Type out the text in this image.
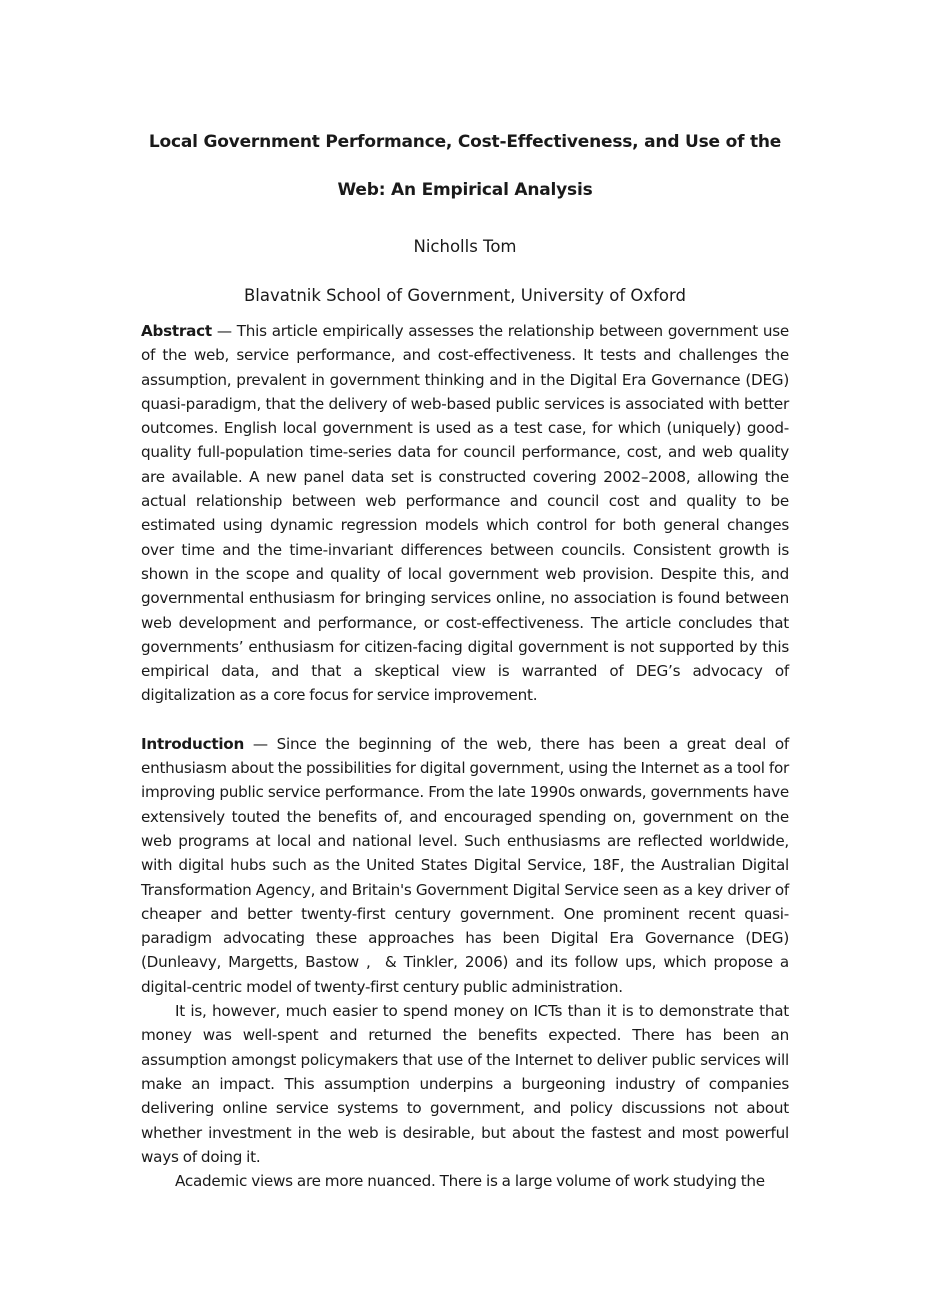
Local Government Performance, Cost-Effectiveness, and Use of the Web: An Empirical Analysis

Nicholls Tom

Blavatnik School of Government, University of Oxford

Abstract — This article empirically assesses the relationship between government use of the web, service performance, and cost-effectiveness. It tests and challenges the assumption, prevalent in government thinking and in the Digital Era Governance (DEG) quasi-paradigm, that the delivery of web-based public services is associated with better outcomes. English local government is used as a test case, for which (uniquely) good-quality full-population time-series data for council performance, cost, and web quality are available. A new panel data set is constructed covering 2002–2008, allowing the actual relationship between web performance and council cost and quality to be estimated using dynamic regression models which control for both general changes over time and the time-invariant differences between councils. Consistent growth is shown in the scope and quality of local government web provision. Despite this, and governmental enthusiasm for bringing services online, no association is found between web development and performance, or cost-effectiveness. The article concludes that governments’ enthusiasm for citizen-facing digital government is not supported by this empirical data, and that a skeptical view is warranted of DEG’s advocacy of digitalization as a core focus for service improvement.

Introduction — Since the beginning of the web, there has been a great deal of enthusiasm about the possibilities for digital government, using the Internet as a tool for improving public service performance. From the late 1990s onwards, governments have extensively touted the benefits of, and encouraged spending on, government on the web programs at local and national level. Such enthusiasms are reflected worldwide, with digital hubs such as the United States Digital Service, 18F, the Australian Digital Transformation Agency, and Britain's Government Digital Service seen as a key driver of cheaper and better twenty-first century government. One prominent recent quasi-paradigm advocating these approaches has been Digital Era Governance (DEG) (Dunleavy, Margetts, Bastow ,  & Tinkler, 2006) and its follow ups, which propose a digital-centric model of twenty-first century public administration.

It is, however, much easier to spend money on ICTs than it is to demonstrate that money was well-spent and returned the benefits expected. There has been an assumption amongst policymakers that use of the Internet to deliver public services will make an impact. This assumption underpins a burgeoning industry of companies delivering online service systems to government, and policy discussions not about whether investment in the web is desirable, but about the fastest and most powerful ways of doing it.

Academic views are more nuanced. There is a large volume of work studying the
